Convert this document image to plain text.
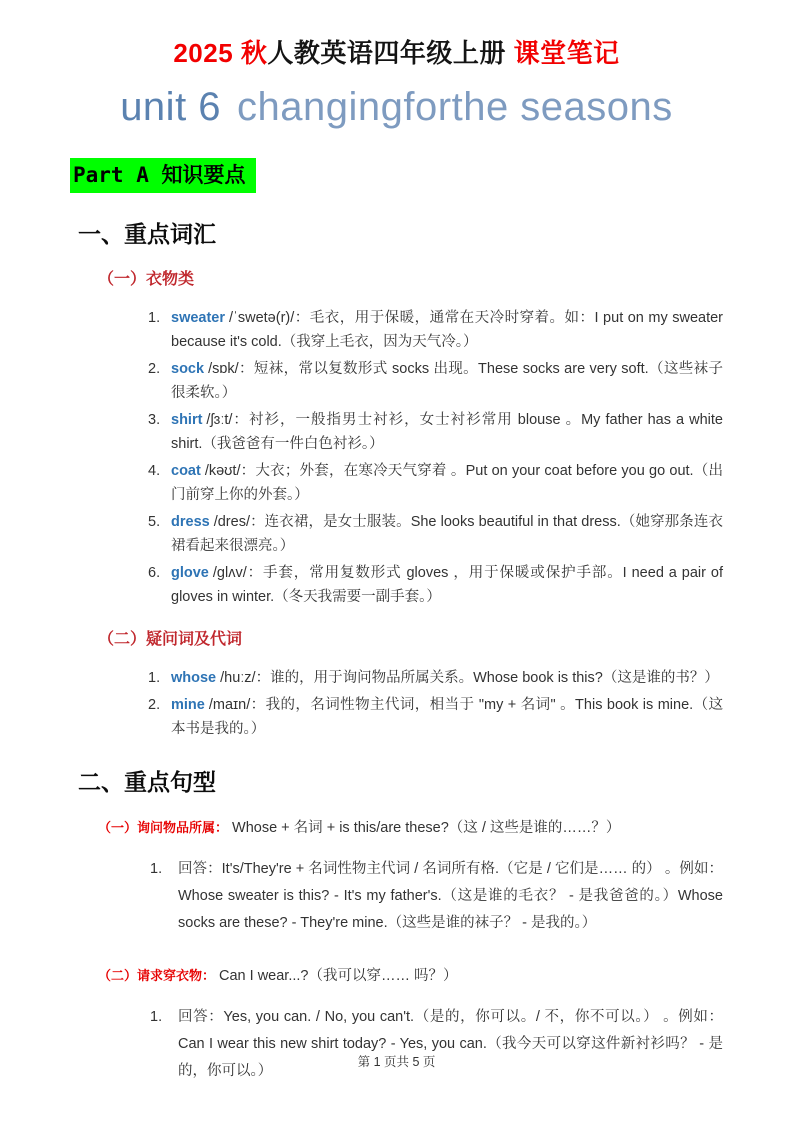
2025 秋人教英语四年级上册 课堂笔记
unit 6 changingforthe seasons
Part A 知识要点
一、重点词汇
（一）衣物类
1. sweater /ˈswetə(r)/：毛衣，用于保暖，通常在天冷时穿着。如：I put on my sweater because it's cold.（我穿上毛衣，因为天气冷。）
2. sock /sɒk/：短袜，常以复数形式 socks 出现。These socks are very soft.（这些袜子很柔软。）
3. shirt /ʃɜːt/：衬衫，一般指男士衬衫，女士衬衫常用 blouse 。My father has a white shirt.（我爸爸有一件白色衬衫。）
4. coat /kəʊt/：大衣；外套，在寒冷天气穿着 。Put on your coat before you go out.（出门前穿上你的外套。）
5. dress /dres/：连衣裙，是女士服装。She looks beautiful in that dress.（她穿那条连衣裙看起来很漂亮。）
6. glove /glʌv/：手套，常用复数形式 gloves ，用于保暖或保护手部。I need a pair of gloves in winter.（冬天我需要一副手套。）
（二）疑问词及代词
1. whose /huːz/：谁的，用于询问物品所属关系。Whose book is this?（这是谁的书？）
2. mine /maɪn/：我的，名词性物主代词，相当于 "my + 名词" 。This book is mine.（这本书是我的。）
二、重点句型
（一）询问物品所属： Whose + 名词 + is this/are these?（这 / 这些是谁的……？）
1.	回答：It's/They're + 名词性物主代词 / 名词所有格.（它是 / 它们是…… 的） 。例如：Whose sweater is this? - It's my father's.（这是谁的毛衣？ - 是我爸爸的。）Whose socks are these? - They're mine.（这些是谁的袜子？ - 是我的。）
（二）请求穿衣物： Can I wear...?（我可以穿…… 吗？）
1.	回答：Yes, you can. / No, you can't.（是的，你可以。/ 不，你不可以。） 。例如：Can I wear this new shirt today? - Yes, you can.（我今天可以穿这件新衬衫吗？ - 是的，你可以。）
第 1 页共 5 页
